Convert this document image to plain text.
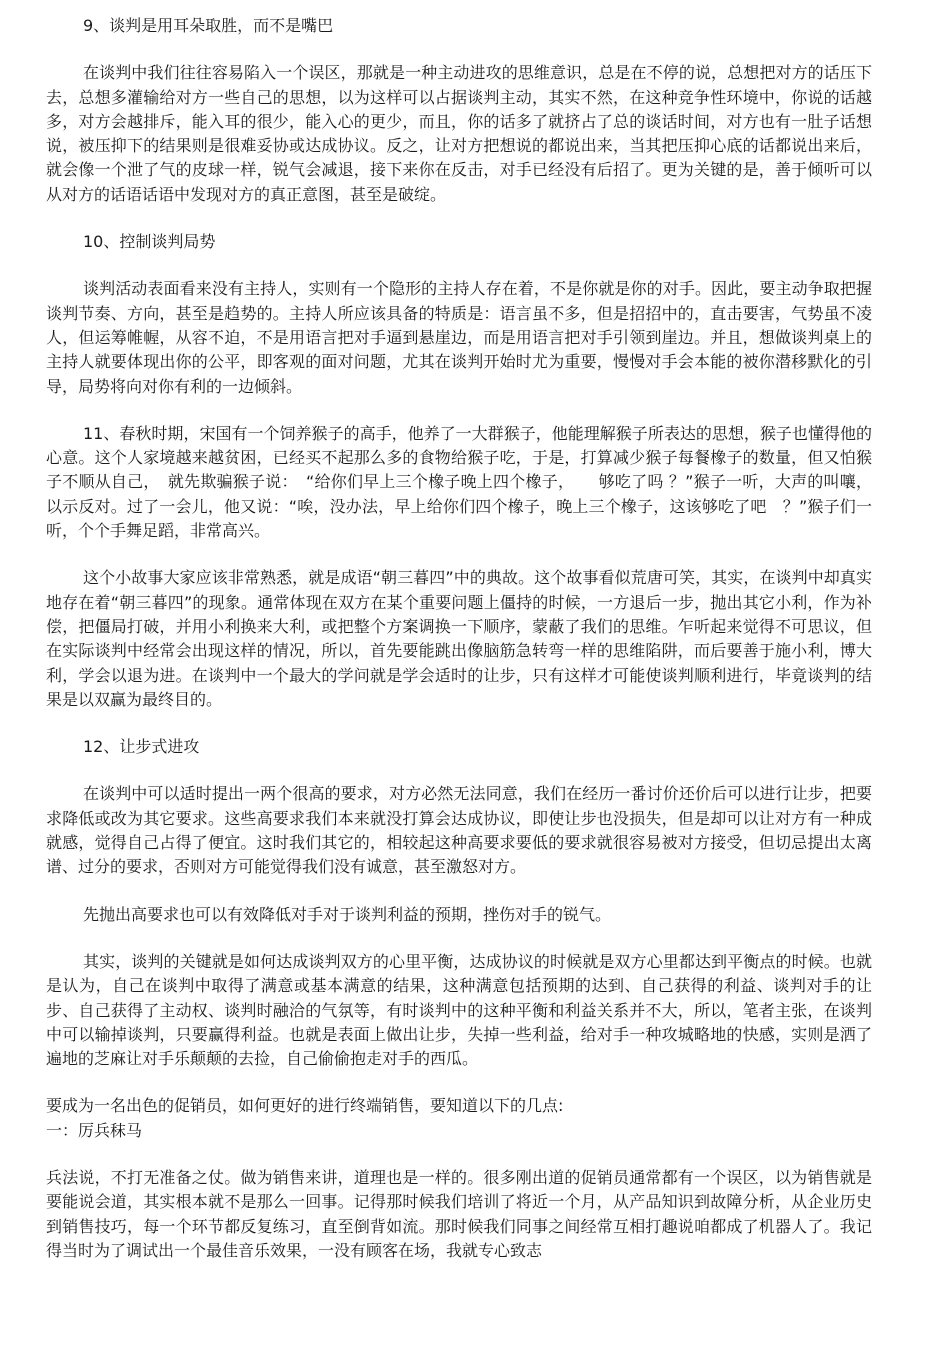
9、谈判是用耳朵取胜，而不是嘴巴

在谈判中我们往往容易陷入一个误区，那就是一种主动进攻的思维意识，总是在不停的说，总想把对方的话压下去，总想多灌输给对方一些自己的思想，以为这样可以占据谈判主动，其实不然，在这种竞争性环境中，你说的话越多，对方会越排斥，能入耳的很少，能入心的更少，而且，你的话多了就挤占了总的谈话时间，对方也有一肚子话想说，被压抑下的结果则是很难妥协或达成协议。反之，让对方把想说的都说出来，当其把压抑心底的话都说出来后，就会像一个泄了气的皮球一样，锐气会减退，接下来你在反击，对手已经没有后招了。更为关键的是，善于倾听可以从对方的话语话语中发现对方的真正意图，甚至是破绽。

10、控制谈判局势

谈判活动表面看来没有主持人，实则有一个隐形的主持人存在着，不是你就是你的对手。因此，要主动争取把握谈判节奏、方向，甚至是趋势的。主持人所应该具备的特质是：语言虽不多，但是招招中的，直击要害，气势虽不凌人，但运筹帷幄，从容不迫，不是用语言把对手逼到悬崖边，而是用语言把对手引领到崖边。并且，想做谈判桌上的主持人就要体现出你的公平，即客观的面对问题，尤其在谈判开始时尤为重要，慢慢对手会本能的被你潜移默化的引导，局势将向对你有利的一边倾斜。

11、春秋时期，宋国有一个饲养猴子的高手，他养了一大群猴子，他能理解猴子所表达的思想，猴子也懂得他的心意。这个人家境越来越贫困，已经买不起那么多的食物给猴子吃，于是，打算减少猴子每餐橡子的数量，但又怕猴子不顺从自己，　就先欺骗猴子说：　“给你们早上三个橡子晚上四个橡子，　　够吃了吗 ？”猴子一听，大声的叫嚷，以示反对。过了一会儿，他又说：“唉，没办法，早上给你们四个橡子，晚上三个橡子，这该够吃了吧　？”猴子们一听，个个手舞足蹈，非常高兴。

这个小故事大家应该非常熟悉，就是成语“朝三暮四”中的典故。这个故事看似荒唐可笑，其实，在谈判中却真实地存在着“朝三暮四”的现象。通常体现在双方在某个重要问题上僵持的时候，一方退后一步，抛出其它小利，作为补偿，把僵局打破，并用小利换来大利，或把整个方案调换一下顺序，蒙蔽了我们的思维。乍听起来觉得不可思议，但在实际谈判中经常会出现这样的情况，所以，首先要能跳出像脑筋急转弯一样的思维陷阱，而后要善于施小利，博大利，学会以退为进。在谈判中一个最大的学问就是学会适时的让步，只有这样才可能使谈判顺利进行，毕竟谈判的结果是以双赢为最终目的。

12、让步式进攻

在谈判中可以适时提出一两个很高的要求，对方必然无法同意，我们在经历一番讨价还价后可以进行让步，把要求降低或改为其它要求。这些高要求我们本来就没打算会达成协议，即使让步也没损失，但是却可以让对方有一种成就感，觉得自己占得了便宜。这时我们其它的，相较起这种高要求要低的要求就很容易被对方接受，但切忌提出太离谱、过分的要求，否则对方可能觉得我们没有诚意，甚至激怒对方。

先抛出高要求也可以有效降低对手对于谈判利益的预期，挫伤对手的锐气。

其实，谈判的关键就是如何达成谈判双方的心里平衡，达成协议的时候就是双方心里都达到平衡点的时候。也就是认为，自己在谈判中取得了满意或基本满意的结果，这种满意包括预期的达到、自己获得的利益、谈判对手的让步、自己获得了主动权、谈判时融洽的气氛等，有时谈判中的这种平衡和利益关系并不大，所以，笔者主张，在谈判中可以输掉谈判，只要赢得利益。也就是表面上做出让步，失掉一些利益，给对手一种攻城略地的快感，实则是洒了遍地的芝麻让对手乐颠颠的去捡，自己偷偷抱走对手的西瓜。

要成为一名出色的促销员，如何更好的进行终端销售，要知道以下的几点:

一：厉兵秣马

兵法说，不打无准备之仗。做为销售来讲，道理也是一样的。很多刚出道的促销员通常都有一个误区，以为销售就是要能说会道，其实根本就不是那么一回事。记得那时候我们培训了将近一个月，从产品知识到故障分析，从企业历史到销售技巧，每一个环节都反复练习，直至倒背如流。那时候我们同事之间经常互相打趣说咱都成了机器人了。我记得当时为了调试出一个最佳音乐效果，一没有顾客在场，我就专心致志
